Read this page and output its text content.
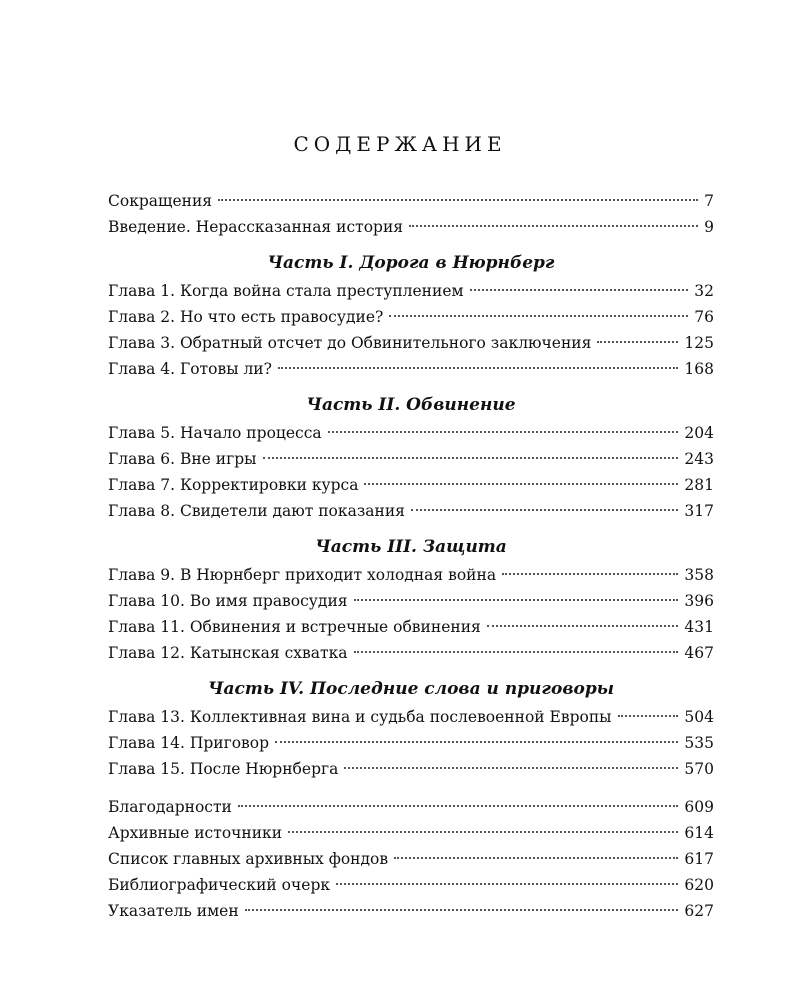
СОДЕРЖАНИЕ
Сокращения	7
Введение. Нерассказанная история	9
Часть I. Дорога в Нюрнберг
Глава 1. Когда война стала преступлением	32
Глава 2. Но что есть правосудие?	76
Глава 3. Обратный отсчет до Обвинительного заключения	125
Глава 4. Готовы ли?	168
Часть II. Обвинение
Глава 5. Начало процесса	204
Глава 6. Вне игры	243
Глава 7. Корректировки курса	281
Глава 8. Свидетели дают показания	317
Часть III. Защита
Глава 9. В Нюрнберг приходит холодная война	358
Глава 10. Во имя правосудия	396
Глава 11. Обвинения и встречные обвинения	431
Глава 12. Катынская схватка	467
Часть IV. Последние слова и приговоры
Глава 13. Коллективная вина и судьба послевоенной Европы	504
Глава 14. Приговор	535
Глава 15. После Нюрнберга	570
Благодарности	609
Архивные источники	614
Список главных архивных фондов	617
Библиографический очерк	620
Указатель имен	627
